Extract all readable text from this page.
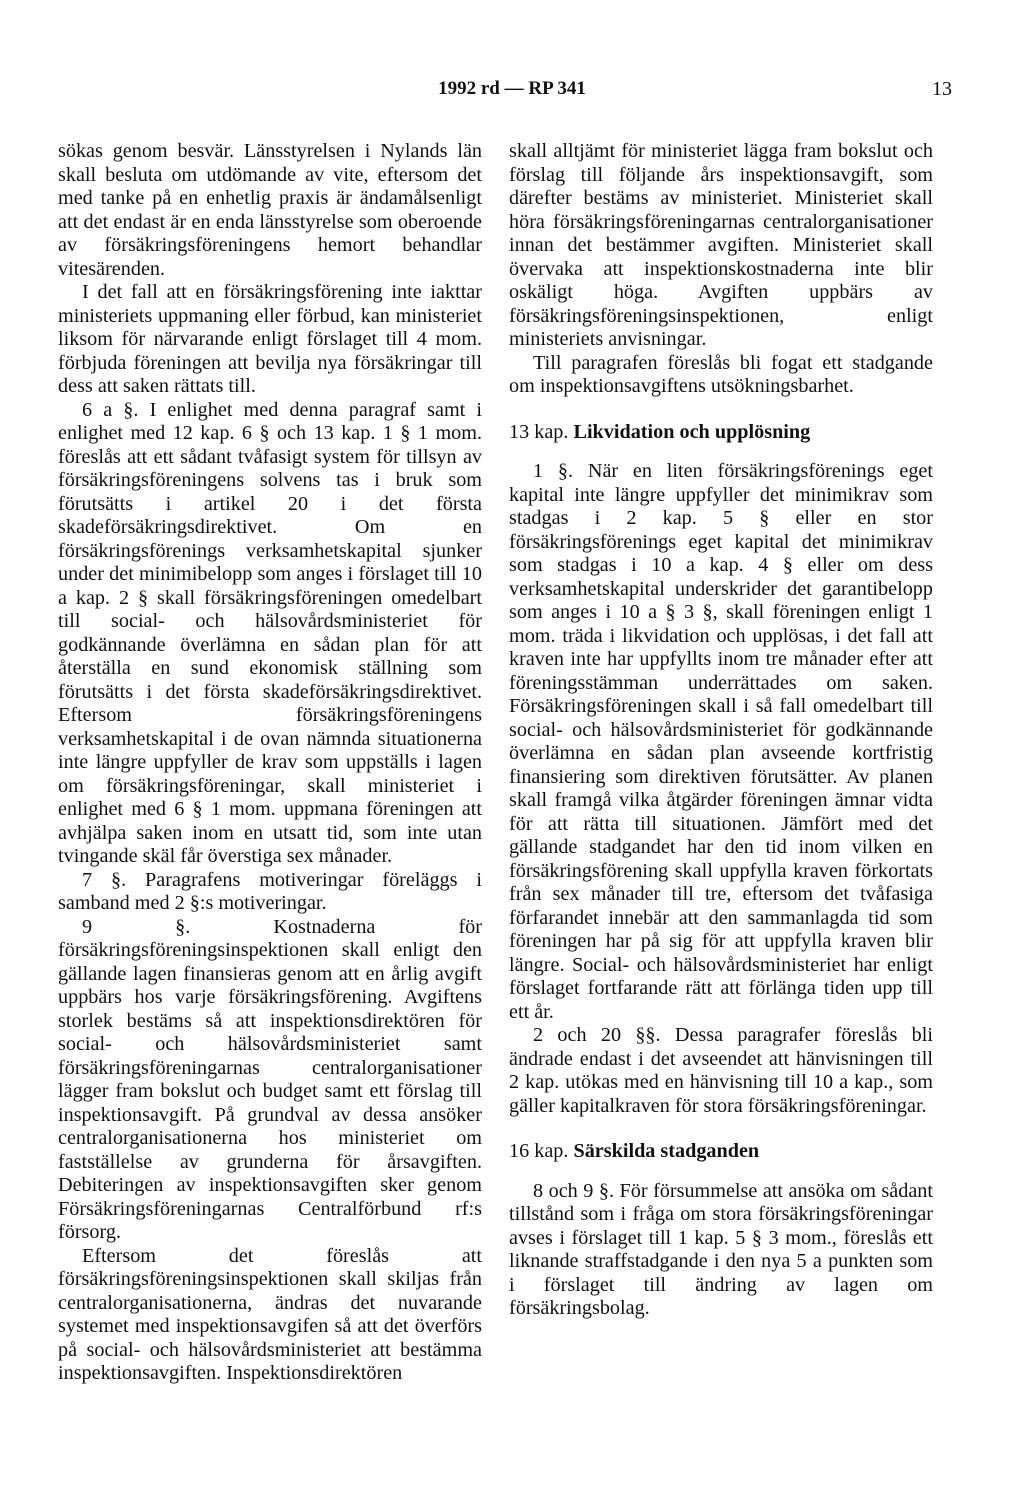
1992 rd — RP 341	13

sökas genom besvär. Länsstyrelsen i Nylands län skall besluta om utdömande av vite, eftersom det med tanke på en enhetlig praxis är ändamålsenligt att det endast är en enda länsstyrelse som oberoende av försäkringsföreningens hemort behandlar vitesärenden.

I det fall att en försäkringsförening inte iakttar ministeriets uppmaning eller förbud, kan ministeriet liksom för närvarande enligt förslaget till 4 mom. förbjuda föreningen att bevilja nya försäkringar till dess att saken rättats till.

6 a §. I enlighet med denna paragraf samt i enlighet med 12 kap. 6 § och 13 kap. 1 § 1 mom. föreslås att ett sådant tvåfasigt system för tillsyn av försäkringsföreningens solvens tas i bruk som förutsätts i artikel 20 i det första skadeförsäkringsdirektivet. Om en försäkringsförenings verksamhetskapital sjunker under det minimibelopp som anges i förslaget till 10 a kap. 2 § skall försäkringsföreningen omedelbart till social- och hälsovårdsministeriet för godkännande överlämna en sådan plan för att återställa en sund ekonomisk ställning som förutsätts i det första skadeförsäkringsdirektivet. Eftersom försäkringsföreningens verksamhetskapital i de ovan nämnda situationerna inte längre uppfyller de krav som uppställs i lagen om försäkringsföreningar, skall ministeriet i enlighet med 6 § 1 mom. uppmana föreningen att avhjälpa saken inom en utsatt tid, som inte utan tvingande skäl får överstiga sex månader.

7 §. Paragrafens motiveringar föreläggs i samband med 2 §:s motiveringar.

9 §. Kostnaderna för försäkringsföreningsinspektionen skall enligt den gällande lagen finansieras genom att en årlig avgift uppbärs hos varje försäkringsförening. Avgiftens storlek bestäms så att inspektionsdirektören för social- och hälsovårdsministeriet samt försäkringsföreningarnas centralorganisationer lägger fram bokslut och budget samt ett förslag till inspektionsavgift. På grundval av dessa ansöker centralorganisationerna hos ministeriet om fastställelse av grunderna för årsavgiften. Debiteringen av inspektionsavgiften sker genom Försäkringsföreningarnas Centralförbund rf:s försorg.

Eftersom det föreslås att försäkringsföreningsinspektionen skall skiljas från centralorganisationerna, ändras det nuvarande systemet med inspektionsavgifen så att det överförs på social- och hälsovårdsministeriet att bestämma inspektionsavgiften. Inspektionsdirektören

skall alltjämt för ministeriet lägga fram bokslut och förslag till följande års inspektionsavgift, som därefter bestäms av ministeriet. Ministeriet skall höra försäkringsföreningarnas centralorganisationer innan det bestämmer avgiften. Ministeriet skall övervaka att inspektionskostnaderna inte blir oskäligt höga. Avgiften uppbärs av försäkringsföreningsinspektionen, enligt ministeriets anvisningar.

Till paragrafen föreslås bli fogat ett stadgande om inspektionsavgiftens utsökningsbarhet.

13 kap. Likvidation och upplösning

1 §. När en liten försäkringsförenings eget kapital inte längre uppfyller det minimikrav som stadgas i 2 kap. 5 § eller en stor försäkringsförenings eget kapital det minimikrav som stadgas i 10 a kap. 4 § eller om dess verksamhetskapital underskrider det garantibelopp som anges i 10 a § 3 §, skall föreningen enligt 1 mom. träda i likvidation och upplösas, i det fall att kraven inte har uppfyllts inom tre månader efter att föreningsstämman underrättades om saken. Försäkringsföreningen skall i så fall omedelbart till social- och hälsovårdsministeriet för godkännande överlämna en sådan plan avseende kortfristig finansiering som direktiven förutsätter. Av planen skall framgå vilka åtgärder föreningen ämnar vidta för att rätta till situationen. Jämfört med det gällande stadgandet har den tid inom vilken en försäkringsförening skall uppfylla kraven förkortats från sex månader till tre, eftersom det tvåfasiga förfarandet innebär att den sammanlagda tid som föreningen har på sig för att uppfylla kraven blir längre. Social- och hälsovårdsministeriet har enligt förslaget fortfarande rätt att förlänga tiden upp till ett år.

2 och 20 §§. Dessa paragrafer föreslås bli ändrade endast i det avseendet att hänvisningen till 2 kap. utökas med en hänvisning till 10 a kap., som gäller kapitalkraven för stora försäkringsföreningar.

16 kap. Särskilda stadganden

8 och 9 §. För försummelse att ansöka om sådant tillstånd som i fråga om stora försäkringsföreningar avses i förslaget till 1 kap. 5 § 3 mom., föreslås ett liknande straffstadgande i den nya 5 a punkten som i förslaget till ändring av lagen om försäkringsbolag.
